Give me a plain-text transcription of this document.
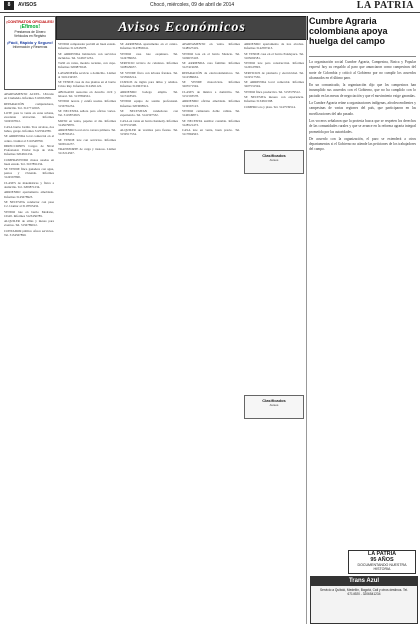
8	AVISOS	Chocó, miércoles, 09 de abril de 2014	LA PATRIA
¡CONTRATOS OFICIALES!
¡Efimos!
Prestamos de Dinero
Vehiculos en Registro
¡Fácil, Rápido y Seguro!
Información y Reservas
Avisos Económicos

APARTAMENTO ACUEL. Ubicado en Ciudadela. Informes 3145652389.

REPARACIÓN computadores, domicilio. Tel. 3127714563.

LOTE para la venta en zona urbana, excelente ubicación. Informes 3104567812.

CASA barrio Jardín. Tres alcobas, dos baños, garaje. Informes 3125564789.

SE ARRIENDA local comercial en el centro. Llamar al 3116548790.

DIRECCIONES Cargos de Nivel Profesional. Enviar hoja de vida. Informes 3204561234.

COMPRAVENDO motos usadas en buen estado. Tel. 3107891234.

SE VENDE finca ganadera con agua, pastos y vivienda. Informes 3124567890.

CLASES de matemáticas y física a domicilio. Tel. 3209871234.

ARRIENDO apartamento amoblado. Informes 3145678923.

SE NECESITA conductor con pase C2. Llamar al 3118765432.

VENDO lote en barrio Medrano, 10x20. Informes 3123456789.

ALQUILER de sillas y mesas para eventos. Tel. 3156789012.

CONTADOR público ofrece servicios. Tel. 3134567890.

VENDO computador portátil en buen estado. Informes 3112345678.

SE ARRIENDA habitación con servicios incluidos. Tel. 3145671234.

TAXI en venta, modelo reciente, con cupo. Informes 3209876543.

LAVANDERÍA servicio a domicilio. Llamar al 3101234567.

SE VENDE casa de dos plantas en el barrio Cristo Rey. Informes 3124561122.

ABOGADO asesorías en derecho civil y laboral. Tel. 3137894561.

VENDO nevera y estufa usadas. Informes 3156781234.

SE NECESITA señora para oficios varios. Tel. 3119874563.

MOTO en venta, papeles al día. Informes 3145679876.

ARRIENDO local en la carrera primera. Tel. 3128765431.

SE VENDE lote con servicios. Informes 3206541237.

TRANSPORTE de carga y trasteos. Llamar 3113214567.

SE ARRIENDA apartamento en el centro. Informes 3147896541.

VENDO casa lote esquinera. Tel. 3124789632.

SERVICIO técnico de celulares. Informes 3108529637.

SE VENDE finca con árboles frutales. Tel. 3155963214.

CURSOS de inglés para niños y adultos. Informes 3129637412.

ARRIENDO bodega amplia. Tel. 3117418529.

VENDO equipo de sonido profesional. Informes 3203698521.

SE NECESITAN vendedores con experiencia. Tel. 3141597532.

CASA en venta en barrio Kennedy. Informes 3137531598.

ALQUILER de vestidos para fiestas. Tel. 3159517534.

APARTAMENTO en venta. Informes 3148527419.

VENDO lote en el barrio Silencio. Tel. 3109637418.

SE ARRIENDA casa familiar. Informes 3127419638.

REPARACIÓN de electrodomésticos. Tel. 3112589634.

SE VENDE motocicleta. Informes 3203571594.

CLASES de música a domicilio. Tel. 3151593578.

ARRIENDO oficina amoblada. Informes 3134567123.

VENDO camioneta doble cabina. Tel. 3146549871.

SE NECESITA auxiliar contable. Informes 3128521473.

CASA lote en venta, buen precio. Tel. 3117894563.

ARRIENDO apartamento de tres alcobas. Informes 3142587413.

SE VENDE casa en el barrio Pandeyuca. Tel. 3103692581.

VENDO lote para construcción. Informes 3126547893.

SERVICIOS de plomería y electricidad. Tel. 3119517536.

SE ARRIENDA local comercial. Informes 3207531594.

VENDO finca productiva. Tel. 3153579512.

SE NECESITA mesero con experiencia. Informes 3134561598.

COMPRO oro y plata. Tel. 3147539514.

Clasificados
Avisos
Clasificados
Avisos
Cumbre Agraria colombiana apoya huelga del campo

La organización social Cumbre Agraria, Campesina, Étnica y Popular expresó hoy su respaldo al paro que anunciaron como campesinos del norte de Colombia y criticó al Gobierno por no cumplir los acuerdos alcanzados en el último paro.

En un comunicado, la organización dijo que los campesinos han incumplido sus acuerdos con el Gobierno, que no ha cumplido con lo pactado en las mesas de negociación y que el movimiento exige garantías.

La Cumbre Agraria reúne a organizaciones indígenas, afrodescendientes y campesinas de varias regiones del país, que participaron en las movilizaciones del año pasado.

Los voceros señalaron que la protesta busca que se respeten los derechos de las comunidades rurales y que se avance en la reforma agraria integral prometida por las autoridades.

De acuerdo con la organización, el paro se extenderá a otros departamentos si el Gobierno no atiende las peticiones de los trabajadores del campo.

LA PATRIA
95 AÑOS
DOCUMENTANDO NUESTRA HISTORIA
Trans Azul
Servicio a Quibdó, Medellín, Bogotá, Cali y otros destinos. Tel. 6714920 - 3206541234
